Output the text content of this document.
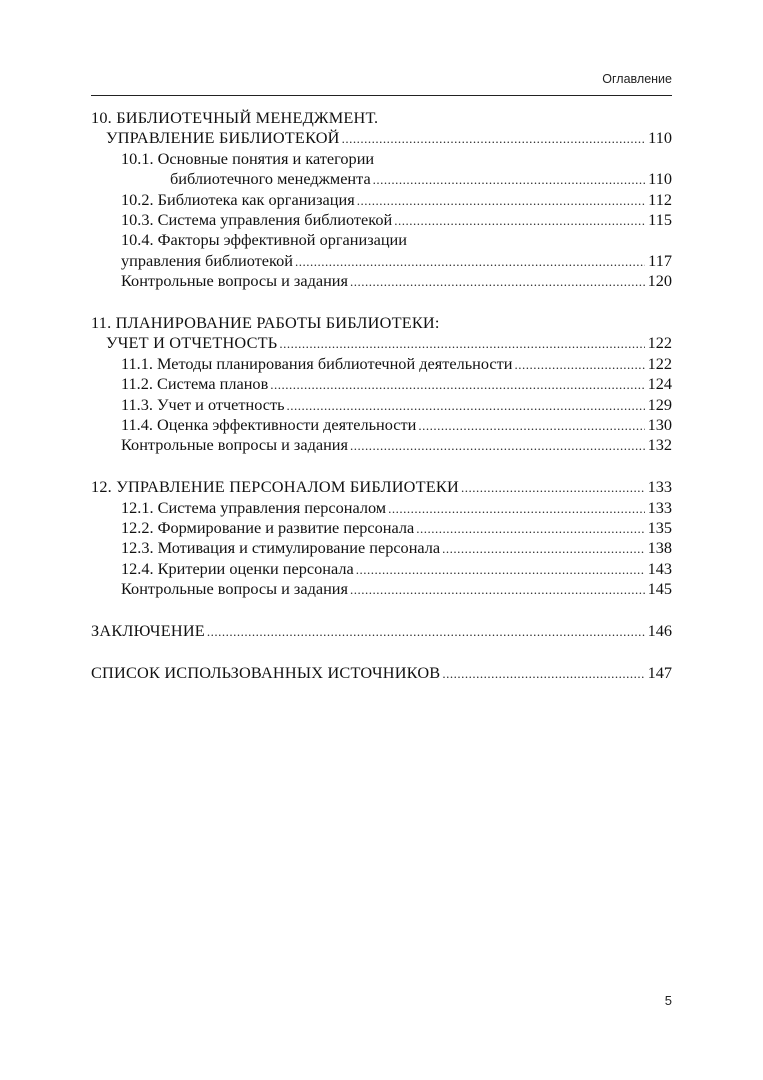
Оглавление
10. БИБЛИОТЕЧНЫЙ МЕНЕДЖМЕНТ.
УПРАВЛЕНИЕ БИБЛИОТЕКОЙ .....	110
10.1. Основные понятия и категории
библиотечного менеджмента .....	110
10.2. Библиотека как организация .....	112
10.3. Система управления библиотекой .....	115
10.4. Факторы эффективной организации
управления библиотекой .....	117
Контрольные вопросы и задания .....	120
11. ПЛАНИРОВАНИЕ РАБОТЫ БИБЛИОТЕКИ:
УЧЕТ И ОТЧЕТНОСТЬ .....	122
11.1. Методы планирования библиотечной деятельности .....	122
11.2. Система планов .....	124
11.3. Учет и отчетность .....	129
11.4. Оценка эффективности деятельности .....	130
Контрольные вопросы и задания .....	132
12. УПРАВЛЕНИЕ ПЕРСОНАЛОМ БИБЛИОТЕКИ .....	133
12.1. Система управления персоналом .....	133
12.2. Формирование и развитие персонала .....	135
12.3. Мотивация и стимулирование персонала .....	138
12.4. Критерии оценки персонала .....	143
Контрольные вопросы и задания .....	145
ЗАКЛЮЧЕНИЕ .....	146
СПИСОК ИСПОЛЬЗОВАННЫХ ИСТОЧНИКОВ .....	147
5
